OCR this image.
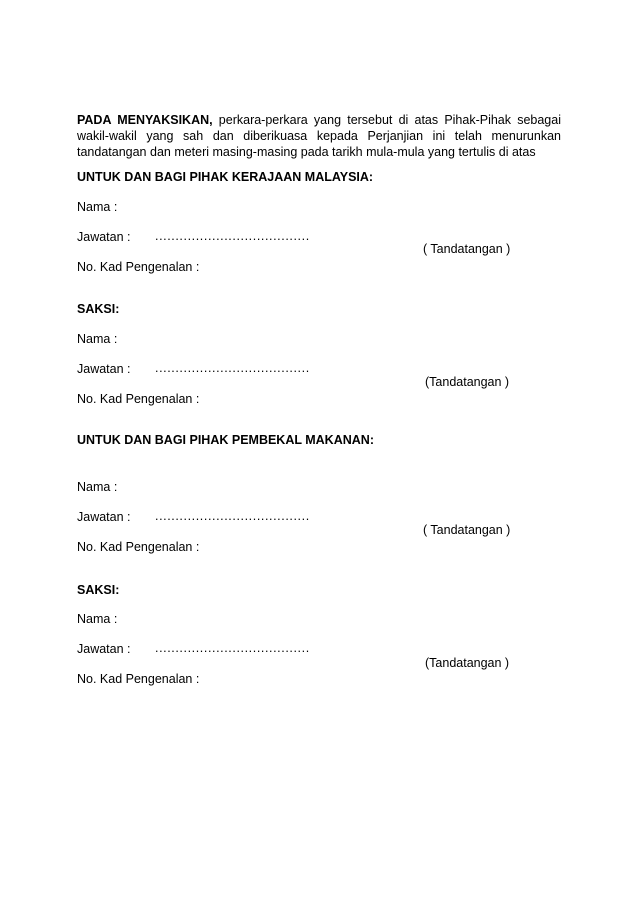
PADA MENYAKSIKAN, perkara-perkara yang tersebut di atas Pihak-Pihak sebagai
wakil-wakil yang sah dan diberikuasa kepada Perjanjian ini telah menurunkan
tandatangan dan meteri masing-masing pada tarikh mula-mula yang tertulis di atas
UNTUK DAN BAGI PIHAK KERAJAAN MALAYSIA:
Nama :
Jawatan : ......................................
( Tandatangan )
No. Kad Pengenalan :
SAKSI:
Nama :
Jawatan : ......................................
(Tandatangan )
No. Kad Pengenalan :
UNTUK DAN BAGI PIHAK PEMBEKAL MAKANAN:
Nama :
Jawatan : ......................................
( Tandatangan )
No. Kad Pengenalan :
SAKSI:
Nama :
Jawatan : ......................................
(Tandatangan )
No. Kad Pengenalan :
